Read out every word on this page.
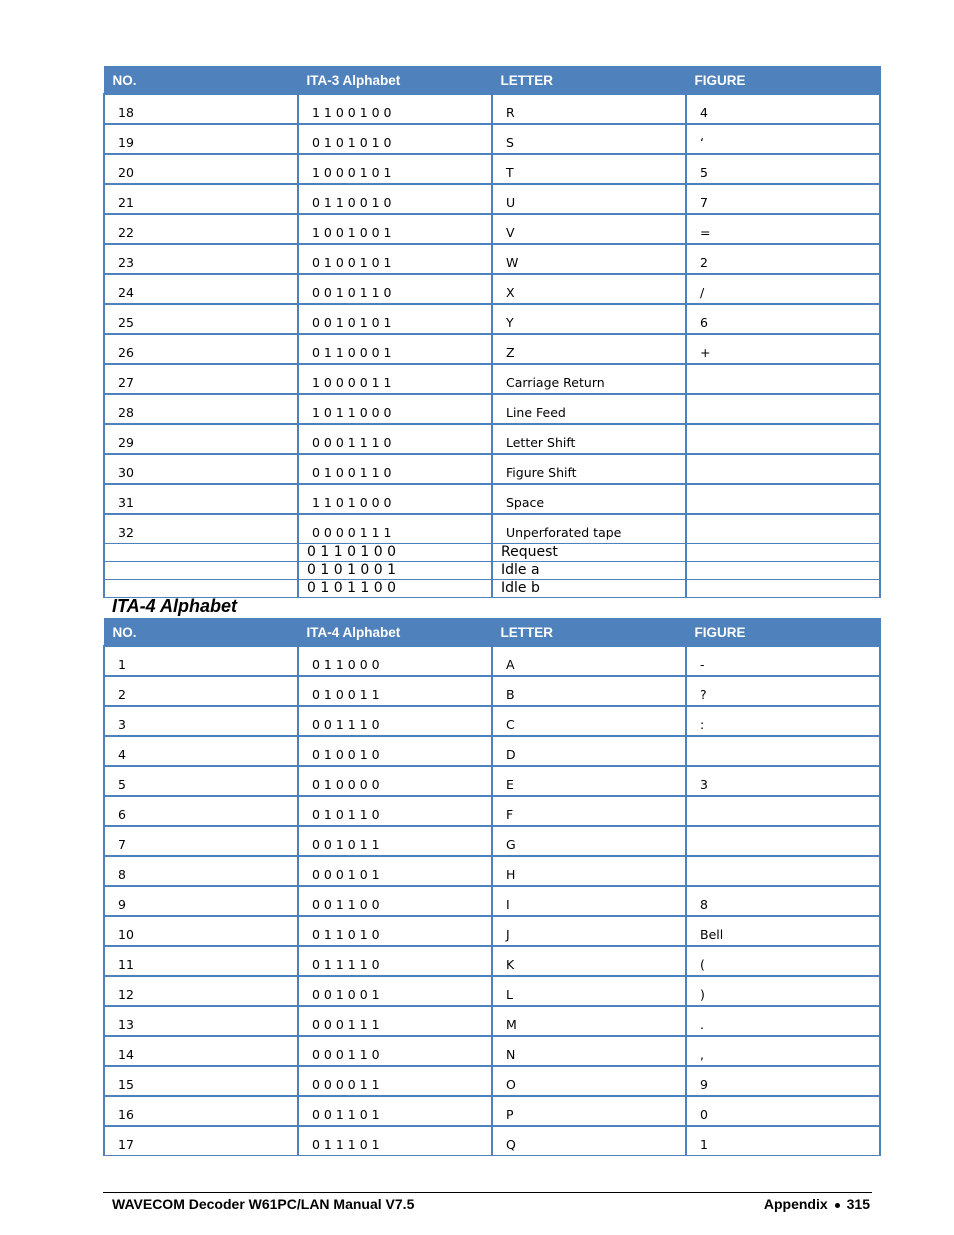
NO.	ITA-3 Alphabet	LETTER	FIGURE
18	1 1 0 0 1 0 0	R	4
19	0 1 0 1 0 1 0	S	‘
20	1 0 0 0 1 0 1	T	5
21	0 1 1 0 0 1 0	U	7
22	1 0 0 1 0 0 1	V	=
23	0 1 0 0 1 0 1	W	2
24	0 0 1 0 1 1 0	X	/
25	0 0 1 0 1 0 1	Y	6
26	0 1 1 0 0 0 1	Z	+
27	1 0 0 0 0 1 1	Carriage Return	
28	1 0 1 1 0 0 0	Line Feed	
29	0 0 0 1 1 1 0	Letter Shift	
30	0 1 0 0 1 1 0	Figure Shift	
31	1 1 0 1 0 0 0	Space	
32	0 0 0 0 1 1 1	Unperforated tape	
	0 1 1 0 1 0 0	Request	
	0 1 0 1 0 0 1	Idle a	
	0 1 0 1 1 0 0	Idle b	
ITA-4 Alphabet
NO.	ITA-4 Alphabet	LETTER	FIGURE
1	0 1 1 0 0 0	A	-
2	0 1 0 0 1 1	B	?
3	0 0 1 1 1 0	C	:
4	0 1 0 0 1 0	D	
5	0 1 0 0 0 0	E	3
6	0 1 0 1 1 0	F	
7	0 0 1 0 1 1	G	
8	0 0 0 1 0 1	H	
9	0 0 1 1 0 0	I	8
10	0 1 1 0 1 0	J	Bell
11	0 1 1 1 1 0	K	(
12	0 0 1 0 0 1	L	)
13	0 0 0 1 1 1	M	.
14	0 0 0 1 1 0	N	,
15	0 0 0 0 1 1	O	9
16	0 0 1 1 0 1	P	0
17	0 1 1 1 0 1	Q	1
WAVECOM Decoder W61PC/LAN Manual V7.5	Appendix 315
